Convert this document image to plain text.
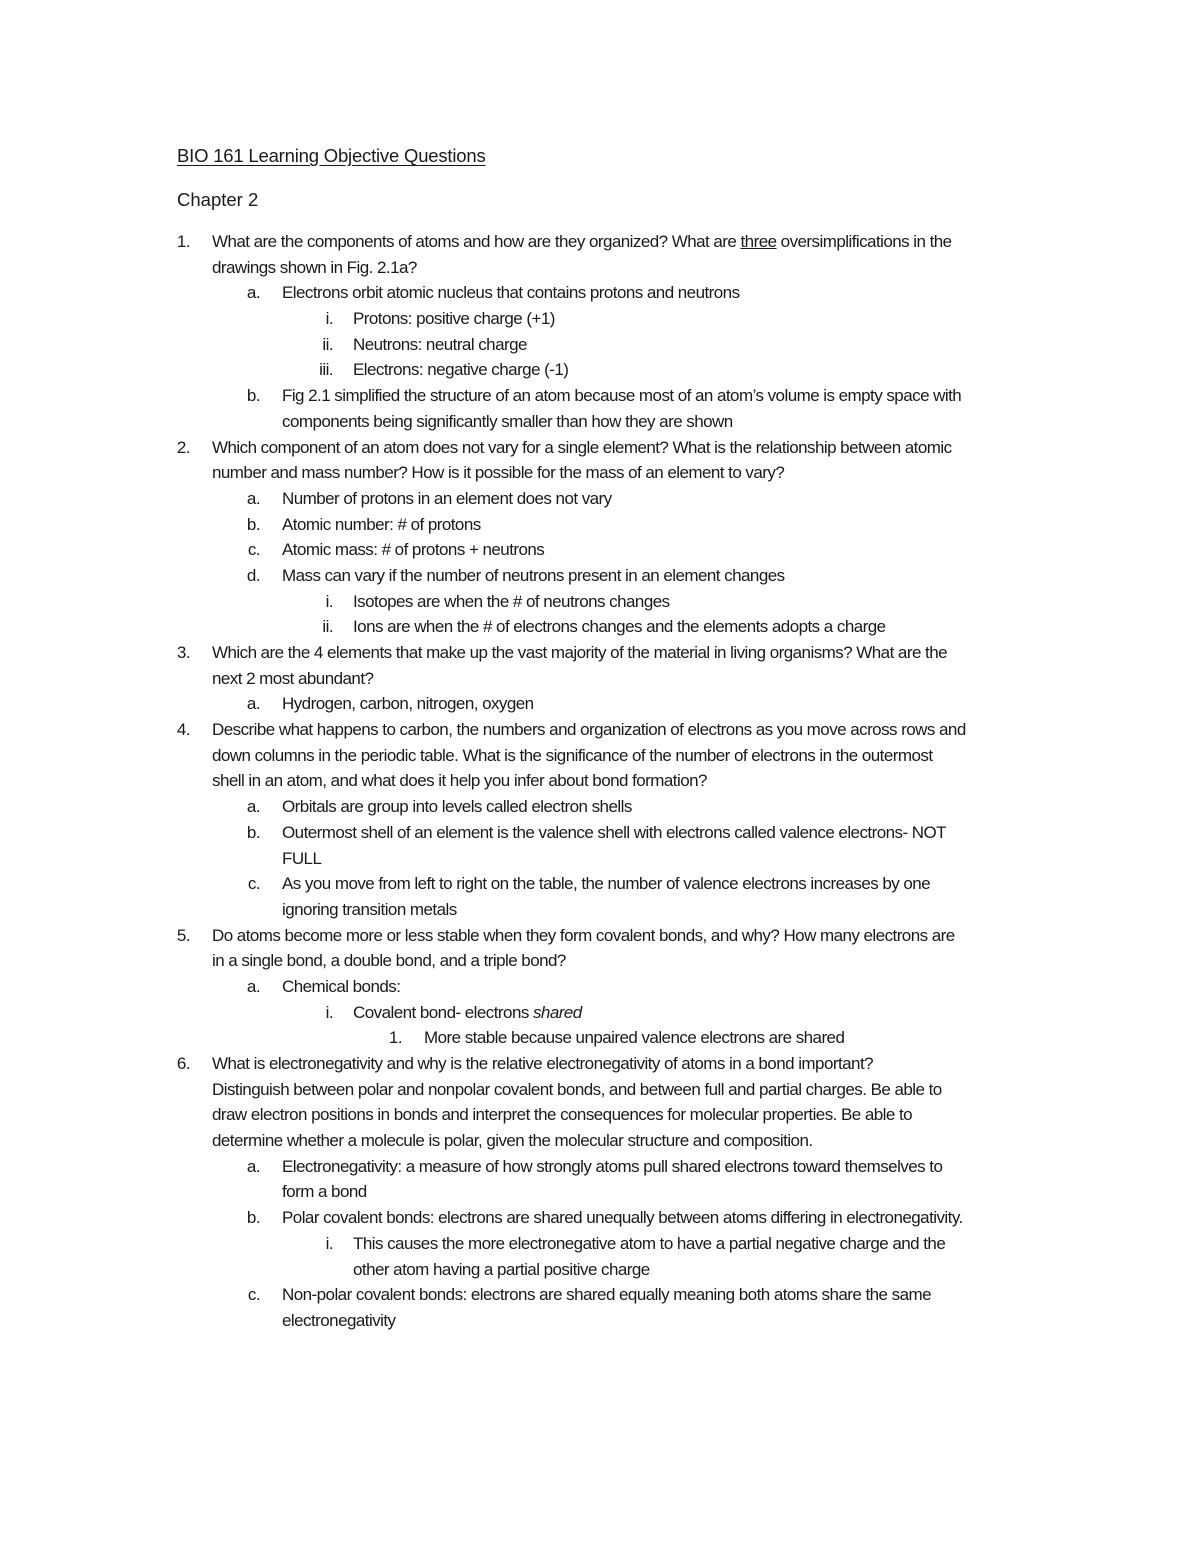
BIO 161 Learning Objective Questions
Chapter 2
1. What are the components of atoms and how are they organized? What are three oversimplifications in the
drawings shown in Fig. 2.1a?
a. Electrons orbit atomic nucleus that contains protons and neutrons
i. Protons: positive charge (+1)
ii. Neutrons: neutral charge
iii. Electrons: negative charge (-1)
b. Fig 2.1 simplified the structure of an atom because most of an atom’s volume is empty space with
components being significantly smaller than how they are shown
2. Which component of an atom does not vary for a single element? What is the relationship between atomic
number and mass number? How is it possible for the mass of an element to vary?
a. Number of protons in an element does not vary
b. Atomic number: # of protons
c. Atomic mass: # of protons + neutrons
d. Mass can vary if the number of neutrons present in an element changes
i. Isotopes are when the # of neutrons changes
ii. Ions are when the # of electrons changes and the elements adopts a charge
3. Which are the 4 elements that make up the vast majority of the material in living organisms? What are the
next 2 most abundant?
a. Hydrogen, carbon, nitrogen, oxygen
4. Describe what happens to carbon, the numbers and organization of electrons as you move across rows and
down columns in the periodic table. What is the significance of the number of electrons in the outermost
shell in an atom, and what does it help you infer about bond formation?
a. Orbitals are group into levels called electron shells
b. Outermost shell of an element is the valence shell with electrons called valence electrons- NOT
FULL
c. As you move from left to right on the table, the number of valence electrons increases by one
ignoring transition metals
5. Do atoms become more or less stable when they form covalent bonds, and why? How many electrons are
in a single bond, a double bond, and a triple bond?
a. Chemical bonds:
i. Covalent bond- electrons shared
1. More stable because unpaired valence electrons are shared
6. What is electronegativity and why is the relative electronegativity of atoms in a bond important?
Distinguish between polar and nonpolar covalent bonds, and between full and partial charges. Be able to
draw electron positions in bonds and interpret the consequences for molecular properties. Be able to
determine whether a molecule is polar, given the molecular structure and composition.
a. Electronegativity: a measure of how strongly atoms pull shared electrons toward themselves to
form a bond
b. Polar covalent bonds: electrons are shared unequally between atoms differing in electronegativity.
i. This causes the more electronegative atom to have a partial negative charge and the
other atom having a partial positive charge
c. Non-polar covalent bonds: electrons are shared equally meaning both atoms share the same
electronegativity
